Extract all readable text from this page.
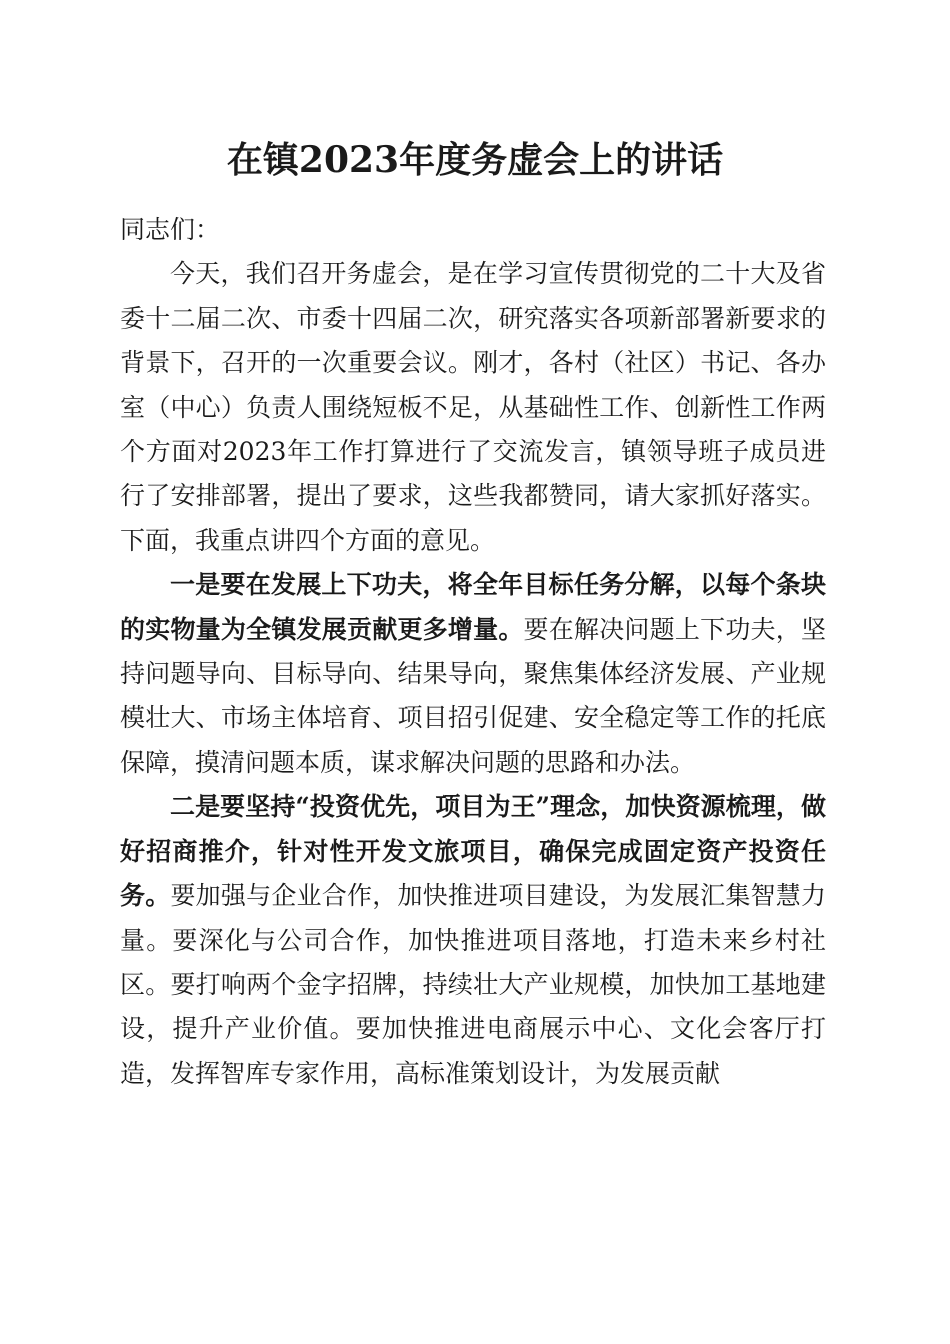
在镇2023年度务虚会上的讲话

同志们：

今天，我们召开务虚会，是在学习宣传贯彻党的二十大及省委十二届二次、市委十四届二次，研究落实各项新部署新要求的背景下，召开的一次重要会议。刚才，各村（社区）书记、各办室（中心）负责人围绕短板不足，从基础性工作、创新性工作两个方面对2023年工作打算进行了交流发言，镇领导班子成员进行了安排部署，提出了要求，这些我都赞同，请大家抓好落实。下面，我重点讲四个方面的意见。

一是要在发展上下功夫，将全年目标任务分解，以每个条块的实物量为全镇发展贡献更多增量。要在解决问题上下功夫，坚持问题导向、目标导向、结果导向，聚焦集体经济发展、产业规模壮大、市场主体培育、项目招引促建、安全稳定等工作的托底保障，摸清问题本质，谋求解决问题的思路和办法。

二是要坚持“投资优先，项目为王”理念，加快资源梳理，做好招商推介，针对性开发文旅项目，确保完成固定资产投资任务。要加强与企业合作，加快推进项目建设，为发展汇集智慧力量。要深化与公司合作，加快推进项目落地，打造未来乡村社区。要打响两个金字招牌，持续壮大产业规模，加快加工基地建设，提升产业价值。要加快推进电商展示中心、文化会客厅打造，发挥智库专家作用，高标准策划设计，为发展贡献
